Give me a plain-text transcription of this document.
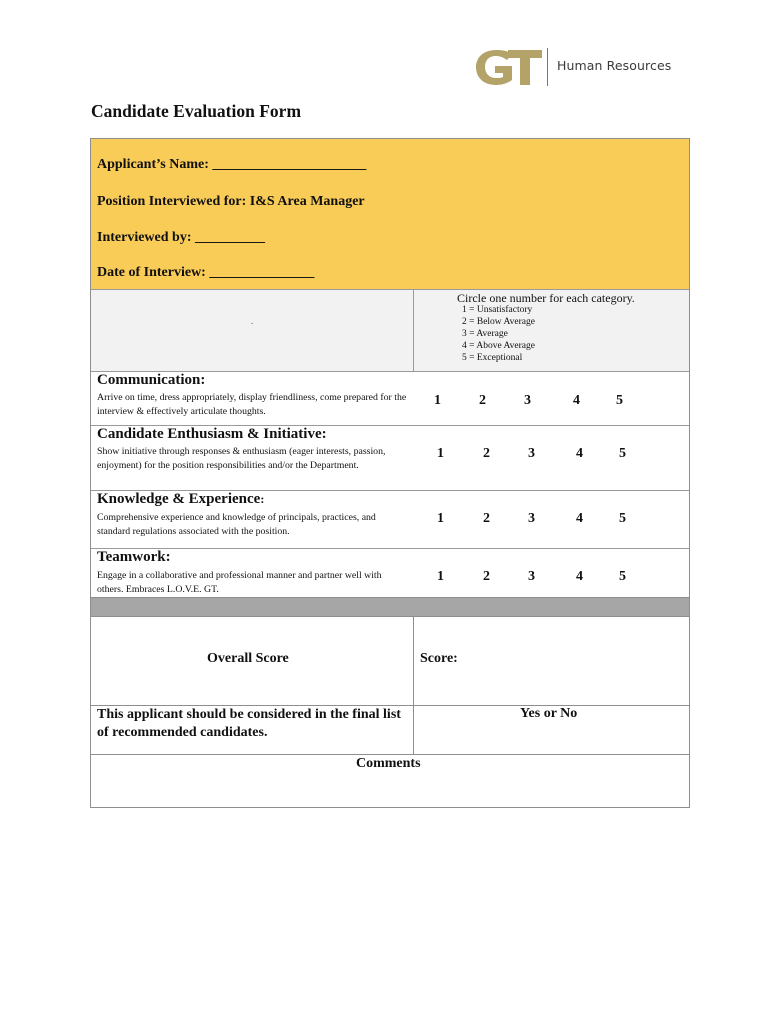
Human Resources
Candidate Evaluation Form
Applicant’s Name: ______________________
Position Interviewed for: I&S Area Manager
Interviewed by: __________
Date of Interview: _______________
.
Circle one number for each category.
1 = Unsatisfactory
2 = Below Average
3 = Average
4 = Above Average
5 = Exceptional
Communication:
Arrive on time, dress appropriately, display friendliness, come prepared for the interview & effectively articulate thoughts.
1	2	3	4	5
Candidate Enthusiasm & Initiative:
Show initiative through responses & enthusiasm (eager interests, passion, enjoyment) for the position responsibilities and/or the Department.
1	2	3	4	5
Knowledge & Experience:
Comprehensive experience and knowledge of principals, practices, and standard regulations associated with the position.
1	2	3	4	5
Teamwork:
Engage in a collaborative and professional manner and partner well with others. Embraces L.O.V.E. GT.
1	2	3	4	5
Overall Score	Score:
This applicant should be considered in the final list of recommended candidates.
Yes or No
Comments
